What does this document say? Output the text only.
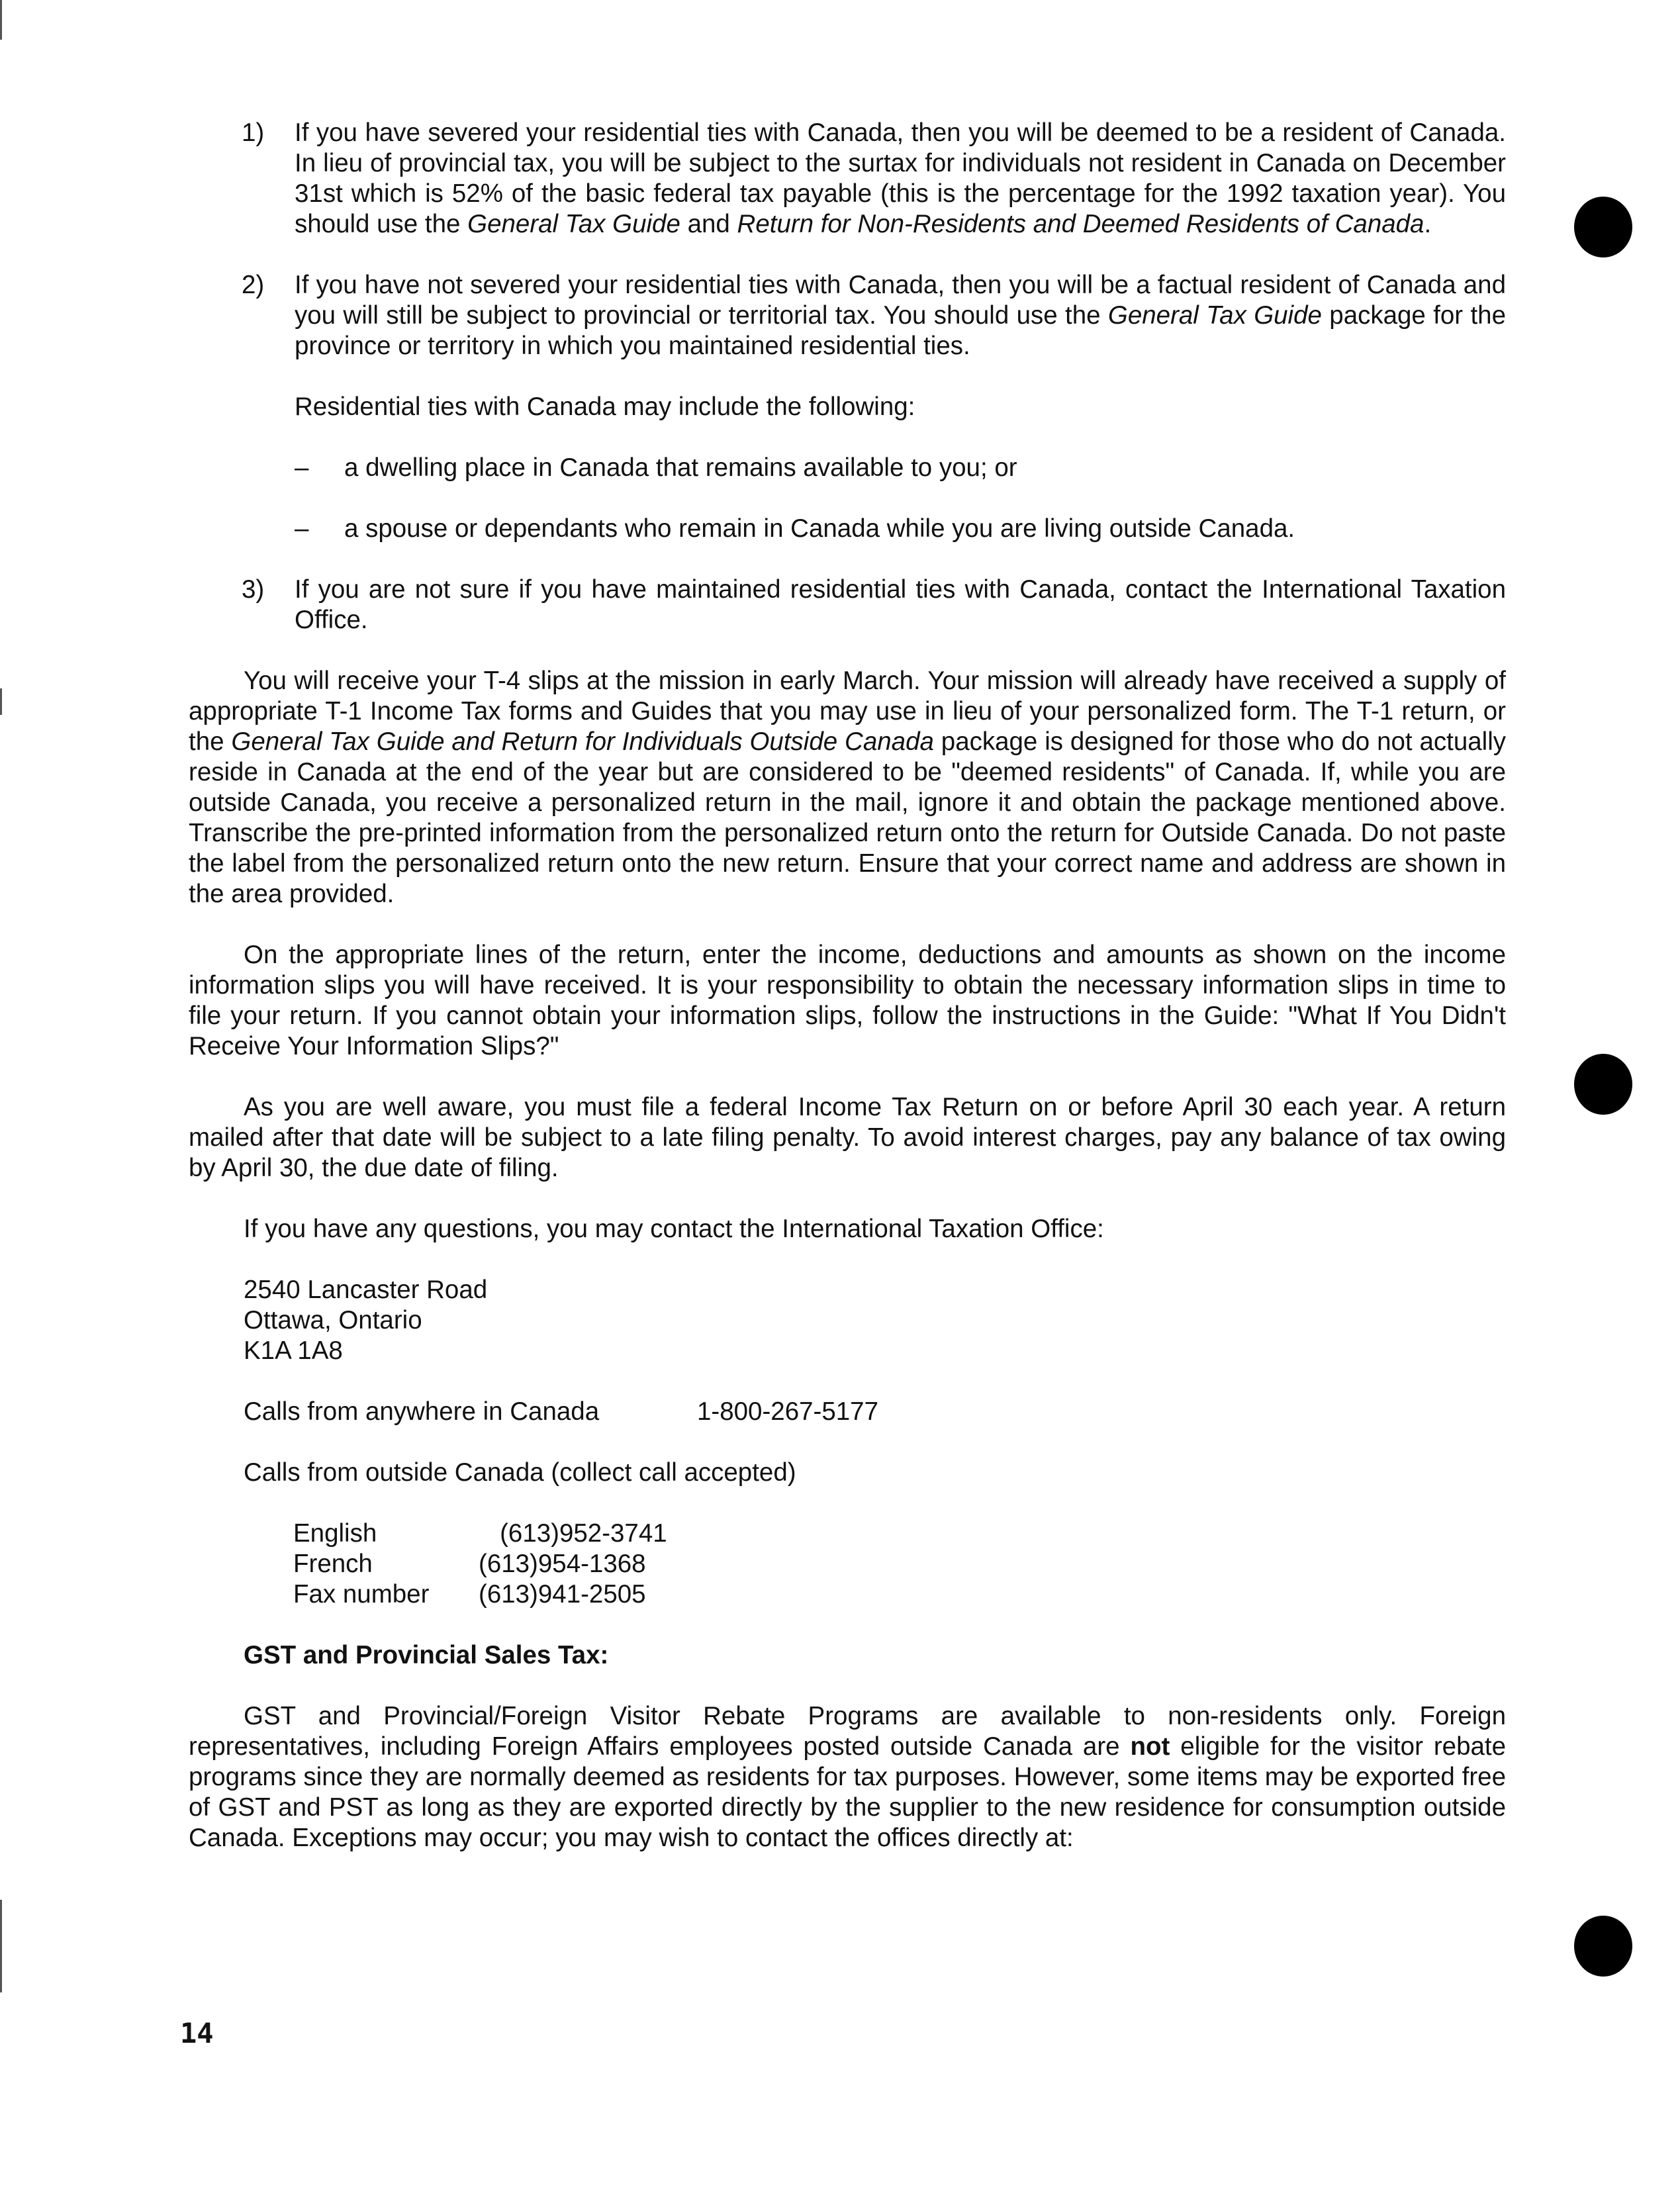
1) If you have severed your residential ties with Canada, then you will be deemed to be a resident of Canada. In lieu of provincial tax, you will be subject to the surtax for individuals not resident in Canada on December 31st which is 52% of the basic federal tax payable (this is the percentage for the 1992 taxation year). You should use the General Tax Guide and Return for Non-Residents and Deemed Residents of Canada.
2) If you have not severed your residential ties with Canada, then you will be a factual resident of Canada and you will still be subject to provincial or territorial tax. You should use the General Tax Guide package for the province or territory in which you maintained residential ties.
Residential ties with Canada may include the following:
– a dwelling place in Canada that remains available to you; or
– a spouse or dependants who remain in Canada while you are living outside Canada.
3) If you are not sure if you have maintained residential ties with Canada, contact the International Taxation Office.
You will receive your T-4 slips at the mission in early March. Your mission will already have received a supply of appropriate T-1 Income Tax forms and Guides that you may use in lieu of your personalized form. The T-1 return, or the General Tax Guide and Return for Individuals Outside Canada package is designed for those who do not actually reside in Canada at the end of the year but are considered to be "deemed residents" of Canada. If, while you are outside Canada, you receive a personalized return in the mail, ignore it and obtain the package mentioned above. Transcribe the pre-printed information from the personalized return onto the return for Outside Canada. Do not paste the label from the personalized return onto the new return. Ensure that your correct name and address are shown in the area provided.
On the appropriate lines of the return, enter the income, deductions and amounts as shown on the income information slips you will have received. It is your responsibility to obtain the necessary information slips in time to file your return. If you cannot obtain your information slips, follow the instructions in the Guide: "What If You Didn't Receive Your Information Slips?"
As you are well aware, you must file a federal Income Tax Return on or before April 30 each year. A return mailed after that date will be subject to a late filing penalty. To avoid interest charges, pay any balance of tax owing by April 30, the due date of filing.
If you have any questions, you may contact the International Taxation Office:
2540 Lancaster Road
Ottawa, Ontario
K1A 1A8
Calls from anywhere in Canada	1-800-267-5177
Calls from outside Canada (collect call accepted)
English	(613)952-3741
French	(613)954-1368
Fax number (613)941-2505
GST and Provincial Sales Tax:
GST and Provincial/Foreign Visitor Rebate Programs are available to non-residents only. Foreign representatives, including Foreign Affairs employees posted outside Canada are not eligible for the visitor rebate programs since they are normally deemed as residents for tax purposes. However, some items may be exported free of GST and PST as long as they are exported directly by the supplier to the new residence for consumption outside Canada. Exceptions may occur; you may wish to contact the offices directly at:
14
